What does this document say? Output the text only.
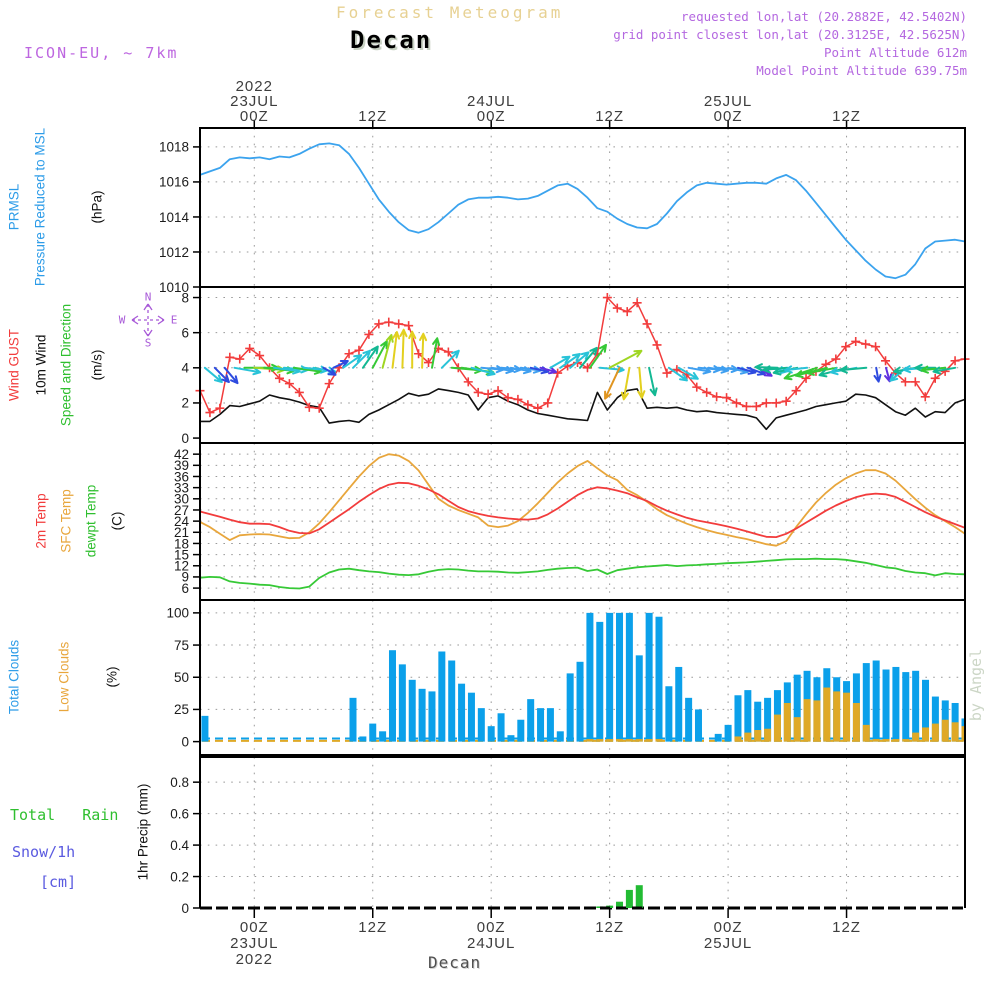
ICON-EU, ~ 7km
Forecast Meteogram
Decan
requested lon,lat (20.2882E, 42.5402N)
grid point closest lon,lat (20.3125E, 42.5625N)
Point Altitude 612m
Model Point Altitude 639.75m
PRMSL Pressure Reduced to MSL	(hPa)
Wind GUST 10m Wind Speed and Direction (m/s)
N
S
W	E
2m Temp SFC Temp dewpt Temp (C)
Total Clouds	Low Clouds (%)
Total   Rain
Snow/1h
[cm]
1hr Precip (mm)
1010
1012
1014
1016
1018
0
2
4
6
8
6
9
12
15
18
21
24
27
30
33
36
39
42
0
25
50
75
100
0
0.2
0.4
0.6
0.8
2022
23JUL
00Z
00Z
23JUL
2022
12Z
12Z
24JUL
00Z
00Z
24JUL
12Z
12Z
25JUL
00Z
00Z
25JUL
12Z
12Z
by Angel
Decan
